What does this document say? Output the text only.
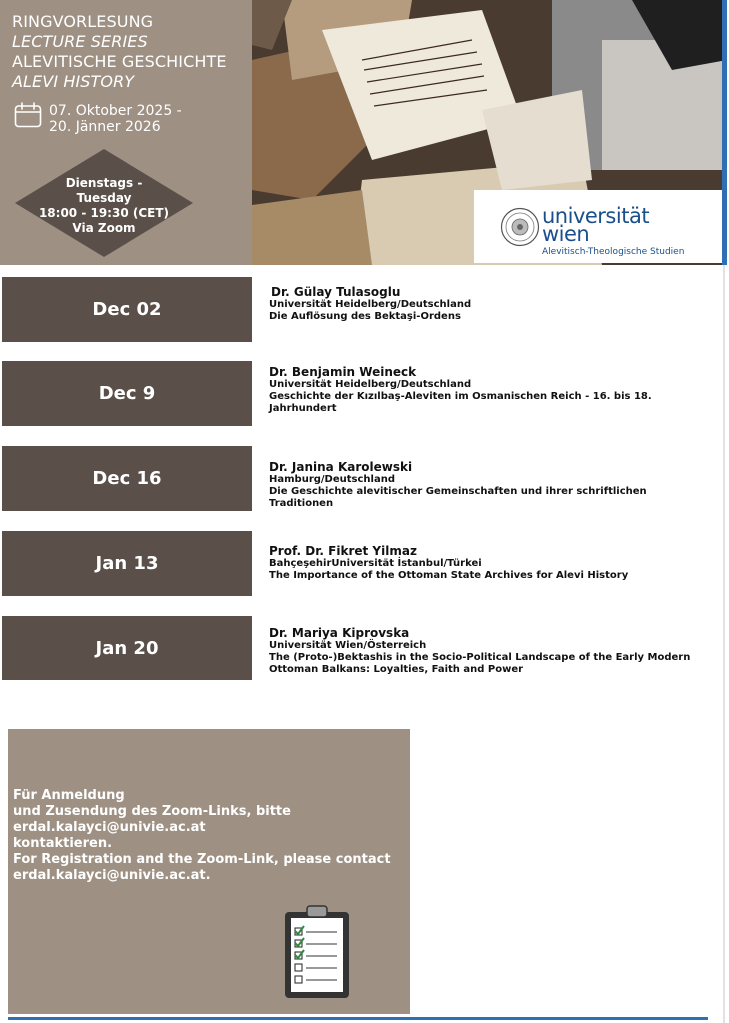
RINGVORLESUNG
LECTURE SERIES
ALEVITISCHE GESCHICHTE
ALEVI HISTORY
07. Oktober 2025 -
20. Jänner 2026
Dienstags -
Tuesday
18:00 - 19:30 (CET)
Via Zoom	universität
wien
Alevitisch-Theologische Studien
Dec 02
Dr. Gülay Tulasoglu
Universität Heidelberg/Deutschland
Die Auflösung des Bektaşi-Ordens
Dec 9
Dr. Benjamin Weineck
Universität Heidelberg/Deutschland
Geschichte der Kızılbaş-Aleviten im Osmanischen Reich - 16. bis 18. Jahrhundert
Dec 16
Dr. Janina Karolewski
Hamburg/Deutschland
Die Geschichte alevitischer Gemeinschaften und ihrer schriftlichen Traditionen
Jan 13
Prof. Dr. Fikret Yilmaz
BahçeşehirUniversität İstanbul/Türkei
The Importance of the Ottoman State Archives for Alevi History
Jan 20
Dr. Mariya Kiprovska
Universität Wien/Österreich
The (Proto-)Bektashis in the Socio-Political Landscape of the Early Modern Ottoman Balkans: Loyalties, Faith and Power
Für Anmeldung
und Zusendung des Zoom-Links, bitte
erdal.kalayci@univie.ac.at
kontaktieren.
For Registration and the Zoom-Link, please contact
erdal.kalayci@univie.ac.at.
